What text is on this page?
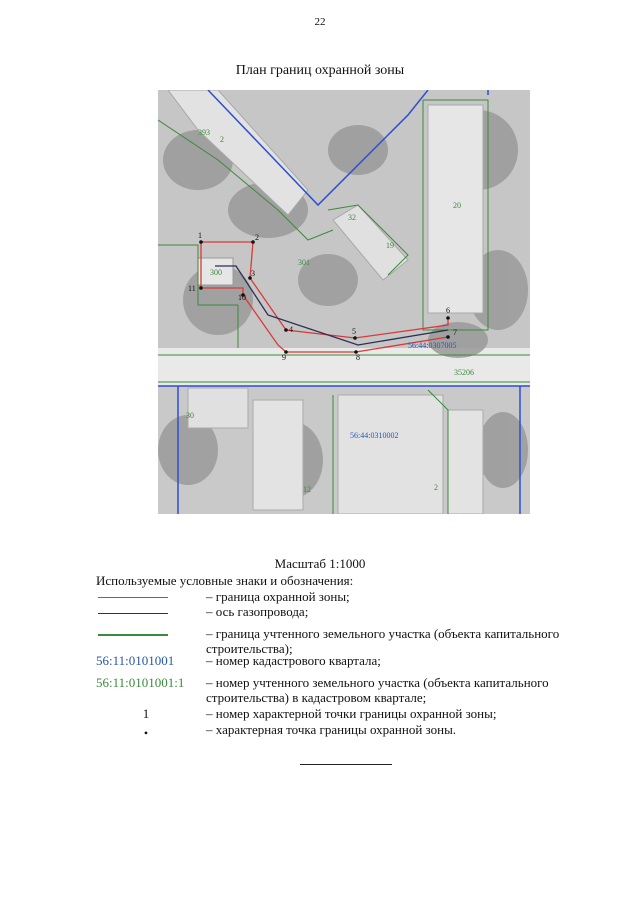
22
План границ охранной зоны
1	2
3
4	5
6
7
8
9
10
11
393
2
32
19
301
20
300
30
12	2
35206
56:44:0307005
56:44:0310002
Масштаб 1:1000
Используемые условные знаки и обозначения:
– граница охранной зоны;
– ось газопровода;
– граница учтенного земельного участка (объекта капитального строительства);
56:11:0101001 – номер кадастрового квартала;
56:11:0101001:1 – номер учтенного земельного участка (объекта капитального строительства) в кадастровом квартале;
1	– номер характерной точки границы охранной зоны;
•	– характерная точка границы охранной зоны.
